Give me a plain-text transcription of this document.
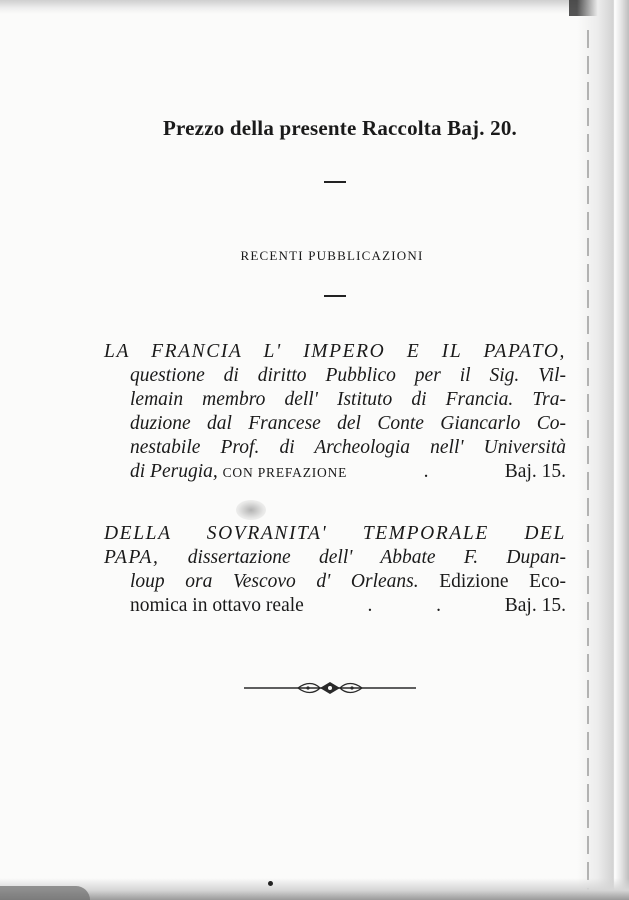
Prezzo della presente Raccolta Baj. 20.
RECENTI PUBBLICAZIONI
LA FRANCIA L' IMPERO E IL PAPATO,
questione di diritto Pubblico per il Sig. Vil-
lemain membro dell' Istituto di Francia. Tra-
duzione dal Francese del Conte Giancarlo Co-
nestabile Prof. di Archeologia nell' Università
di Perugia, CON PREFAZIONE	.	Baj. 15.
DELLA SOVRANITA' TEMPORALE DEL
PAPA, dissertazione dell' Abbate F. Dupan-
loup ora Vescovo d' Orleans. Edizione Eco-
nomica in ottavo reale	.	.	Baj. 15.
